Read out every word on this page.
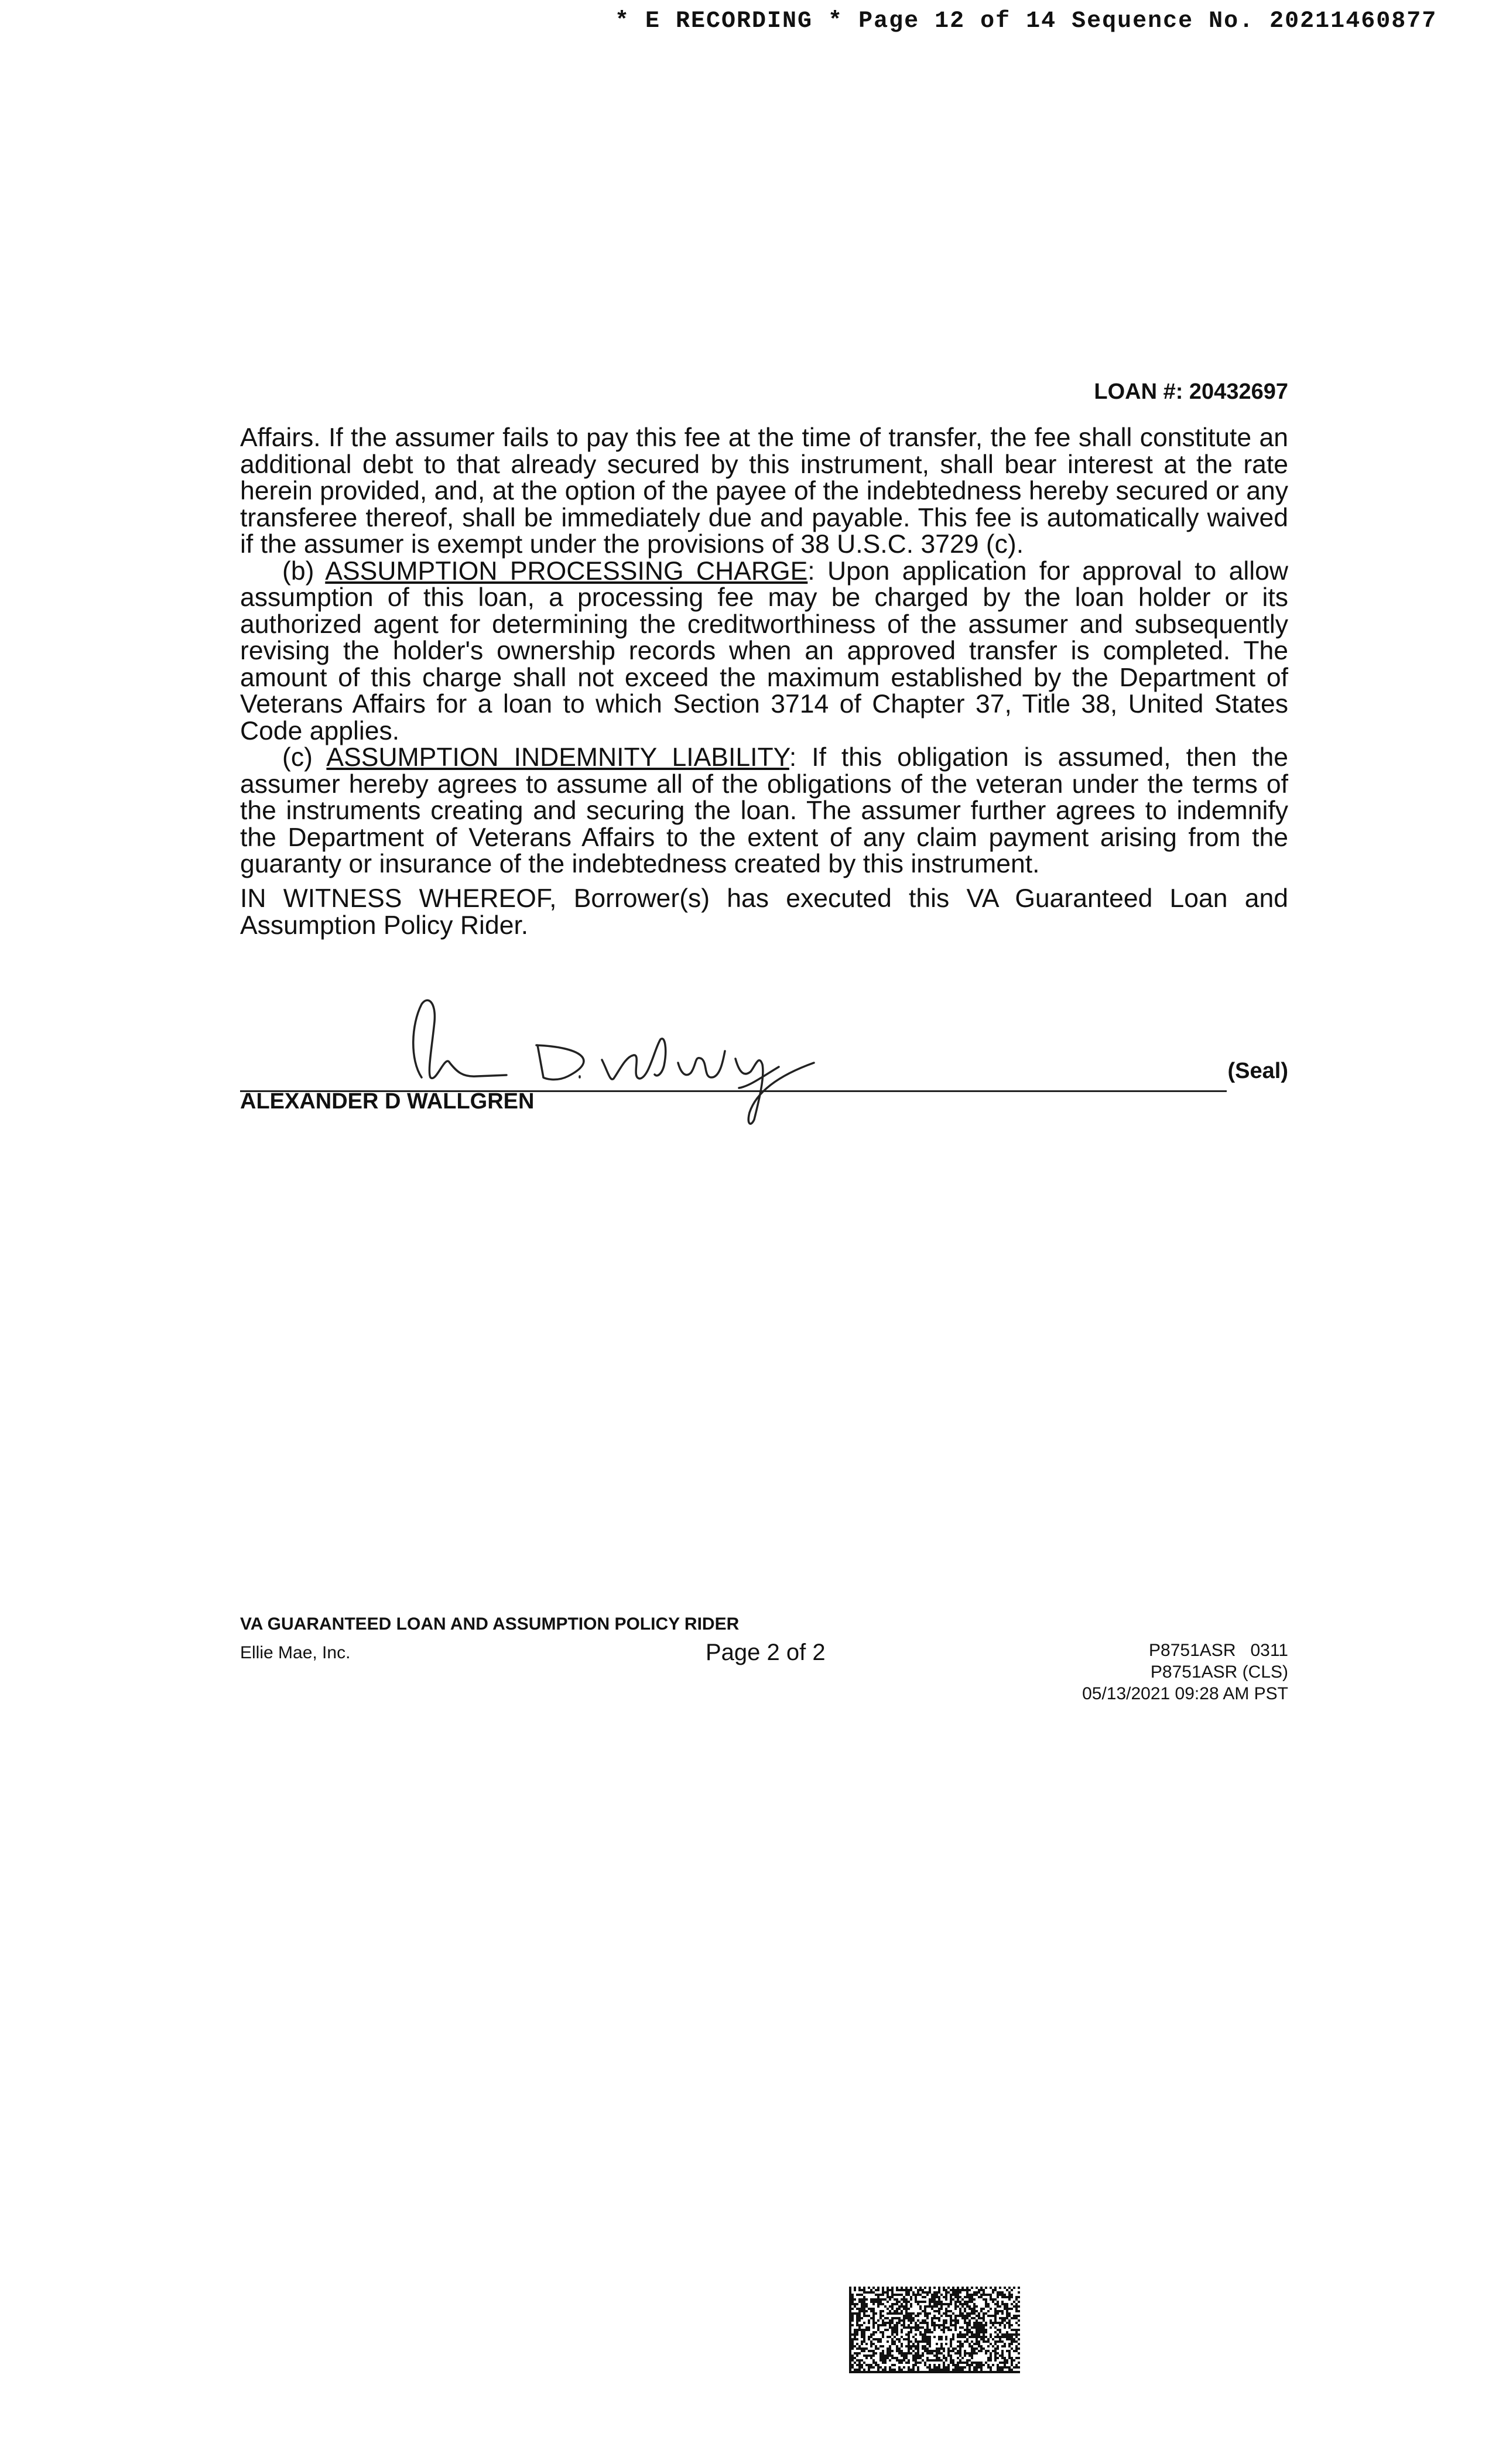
* E RECORDING * Page 12 of 14 Sequence No. 20211460877
LOAN #: 20432697

Affairs. If the assumer fails to pay this fee at the time of transfer, the fee shall constitute an additional debt to that already secured by this instrument, shall bear interest at the rate herein provided, and, at the option of the payee of the indebtedness hereby secured or any transferee thereof, shall be immediately due and payable. This fee is automatically waived if the assumer is exempt under the provisions of 38 U.S.C. 3729 (c).

(b) ASSUMPTION PROCESSING CHARGE: Upon application for approval to allow assumption of this loan, a processing fee may be charged by the loan holder or its authorized agent for determining the creditworthiness of the assumer and subsequently revising the holder's ownership records when an approved transfer is completed. The amount of this charge shall not exceed the maximum established by the Department of Veterans Affairs for a loan to which Section 3714 of Chapter 37, Title 38, United States Code applies.

(c) ASSUMPTION INDEMNITY LIABILITY: If this obligation is assumed, then the assumer hereby agrees to assume all of the obligations of the veteran under the terms of the instruments creating and securing the loan. The assumer further agrees to indemnify the Department of Veterans Affairs to the extent of any claim payment arising from the guaranty or insurance of the indebtedness created by this instrument.

IN WITNESS WHEREOF, Borrower(s) has executed this VA Guaranteed Loan and Assumption Policy Rider.
(Seal)
ALEXANDER D WALLGREN
VA GUARANTEED LOAN AND ASSUMPTION POLICY RIDER
Ellie Mae, Inc.	Page 2 of 2	P8751ASR   0311
P8751ASR (CLS)
05/13/2021 09:28 AM PST
